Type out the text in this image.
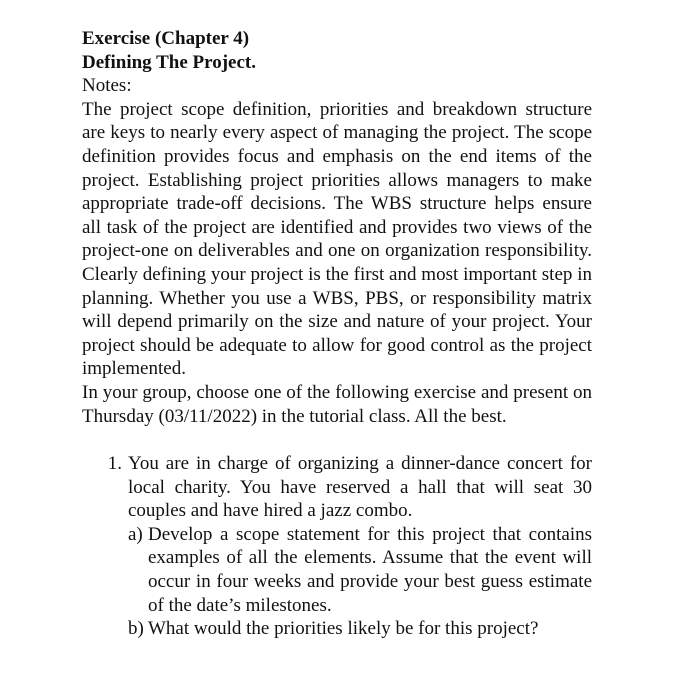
Exercise (Chapter 4)

Defining The Project.

Notes:

The project scope definition, priorities and breakdown structure are keys to nearly every aspect of managing the project. The scope definition provides focus and emphasis on the end items of the project. Establishing project priorities allows managers to make appropriate trade-off decisions. The WBS structure helps ensure all task of the project are identified and provides two views of the project-one on deliverables and one on organization responsibility. Clearly defining your project is the first and most important step in planning. Whether you use a WBS, PBS, or responsibility matrix will depend primarily on the size and nature of your project. Your project should be adequate to allow for good control as the project implemented.

In your group, choose one of the following exercise and present on Thursday (03/11/2022) in the tutorial class. All the best.

1. You are in charge of organizing a dinner-dance concert for local charity. You have reserved a hall that will seat 30 couples and have hired a jazz combo.
a) Develop a scope statement for this project that contains examples of all the elements. Assume that the event will occur in four weeks and provide your best guess estimate of the date’s milestones.
b) What would the priorities likely be for this project?
